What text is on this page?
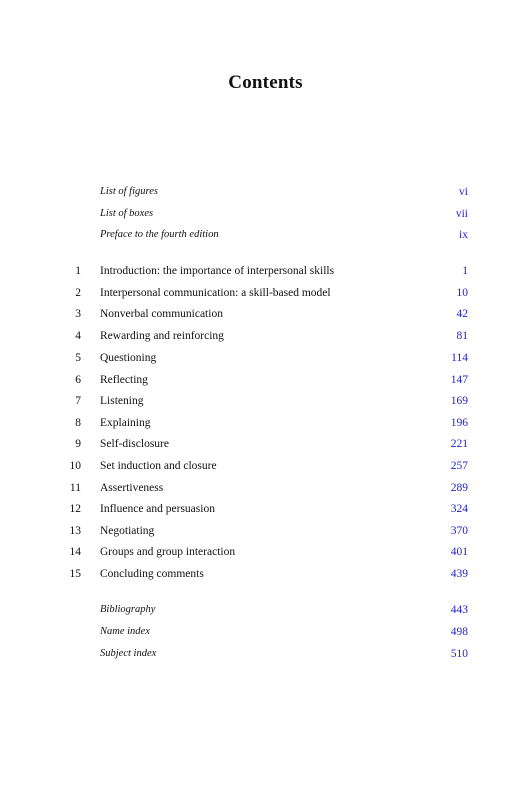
Contents
List of figures	vi
List of boxes	vii
Preface to the fourth edition	ix
1 Introduction: the importance of interpersonal skills	1
2 Interpersonal communication: a skill-based model	10
3 Nonverbal communication	42
4 Rewarding and reinforcing	81
5 Questioning	114
6 Reflecting	147
7 Listening	169
8 Explaining	196
9 Self-disclosure	221
10 Set induction and closure	257
11 Assertiveness	289
12 Influence and persuasion	324
13 Negotiating	370
14 Groups and group interaction	401
15 Concluding comments	439
Bibliography	443
Name index	498
Subject index	510
